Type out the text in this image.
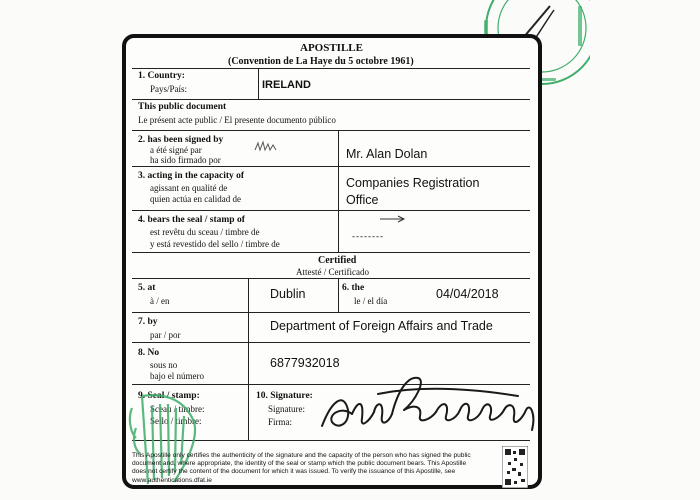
APOSTILLE
(Convention de La Haye du 5 octobre 1961)
1. Country:
Pays/País:	IRELAND
This public document
Le présent acte public / El presente documento público
2. has been signed by
a été signé par
ha sido firmado por	Mr. Alan Dolan
3. acting in the capacity of
agissant en qualité de
quien actúa en calidad de
Companies Registration
Office
4. bears the seal / stamp of
est revêtu du sceau / timbre de
y está revestido del sello / timbre de
--------
Certified
Attesté / Certificado
5. at
à / en	Dublin	6. the
le / el día	04/04/2018
7. by
par / por
Department of Foreign Affairs and Trade
8. No
sous no
bajo el número
6877932018
9. Seal / stamp:
Sceau / timbre:
Sello / timbre:
10. Signature:
Signature:
Firma:
This Apostille only certifies the authenticity of the signature and the capacity of the person who has signed the public
document and, where appropriate, the identity of the seal or stamp which the public document bears. This Apostille
does not certify the content of the document for which it was issued. To verify the issuance of this Apostille, see
www.authentications.dfat.ie
